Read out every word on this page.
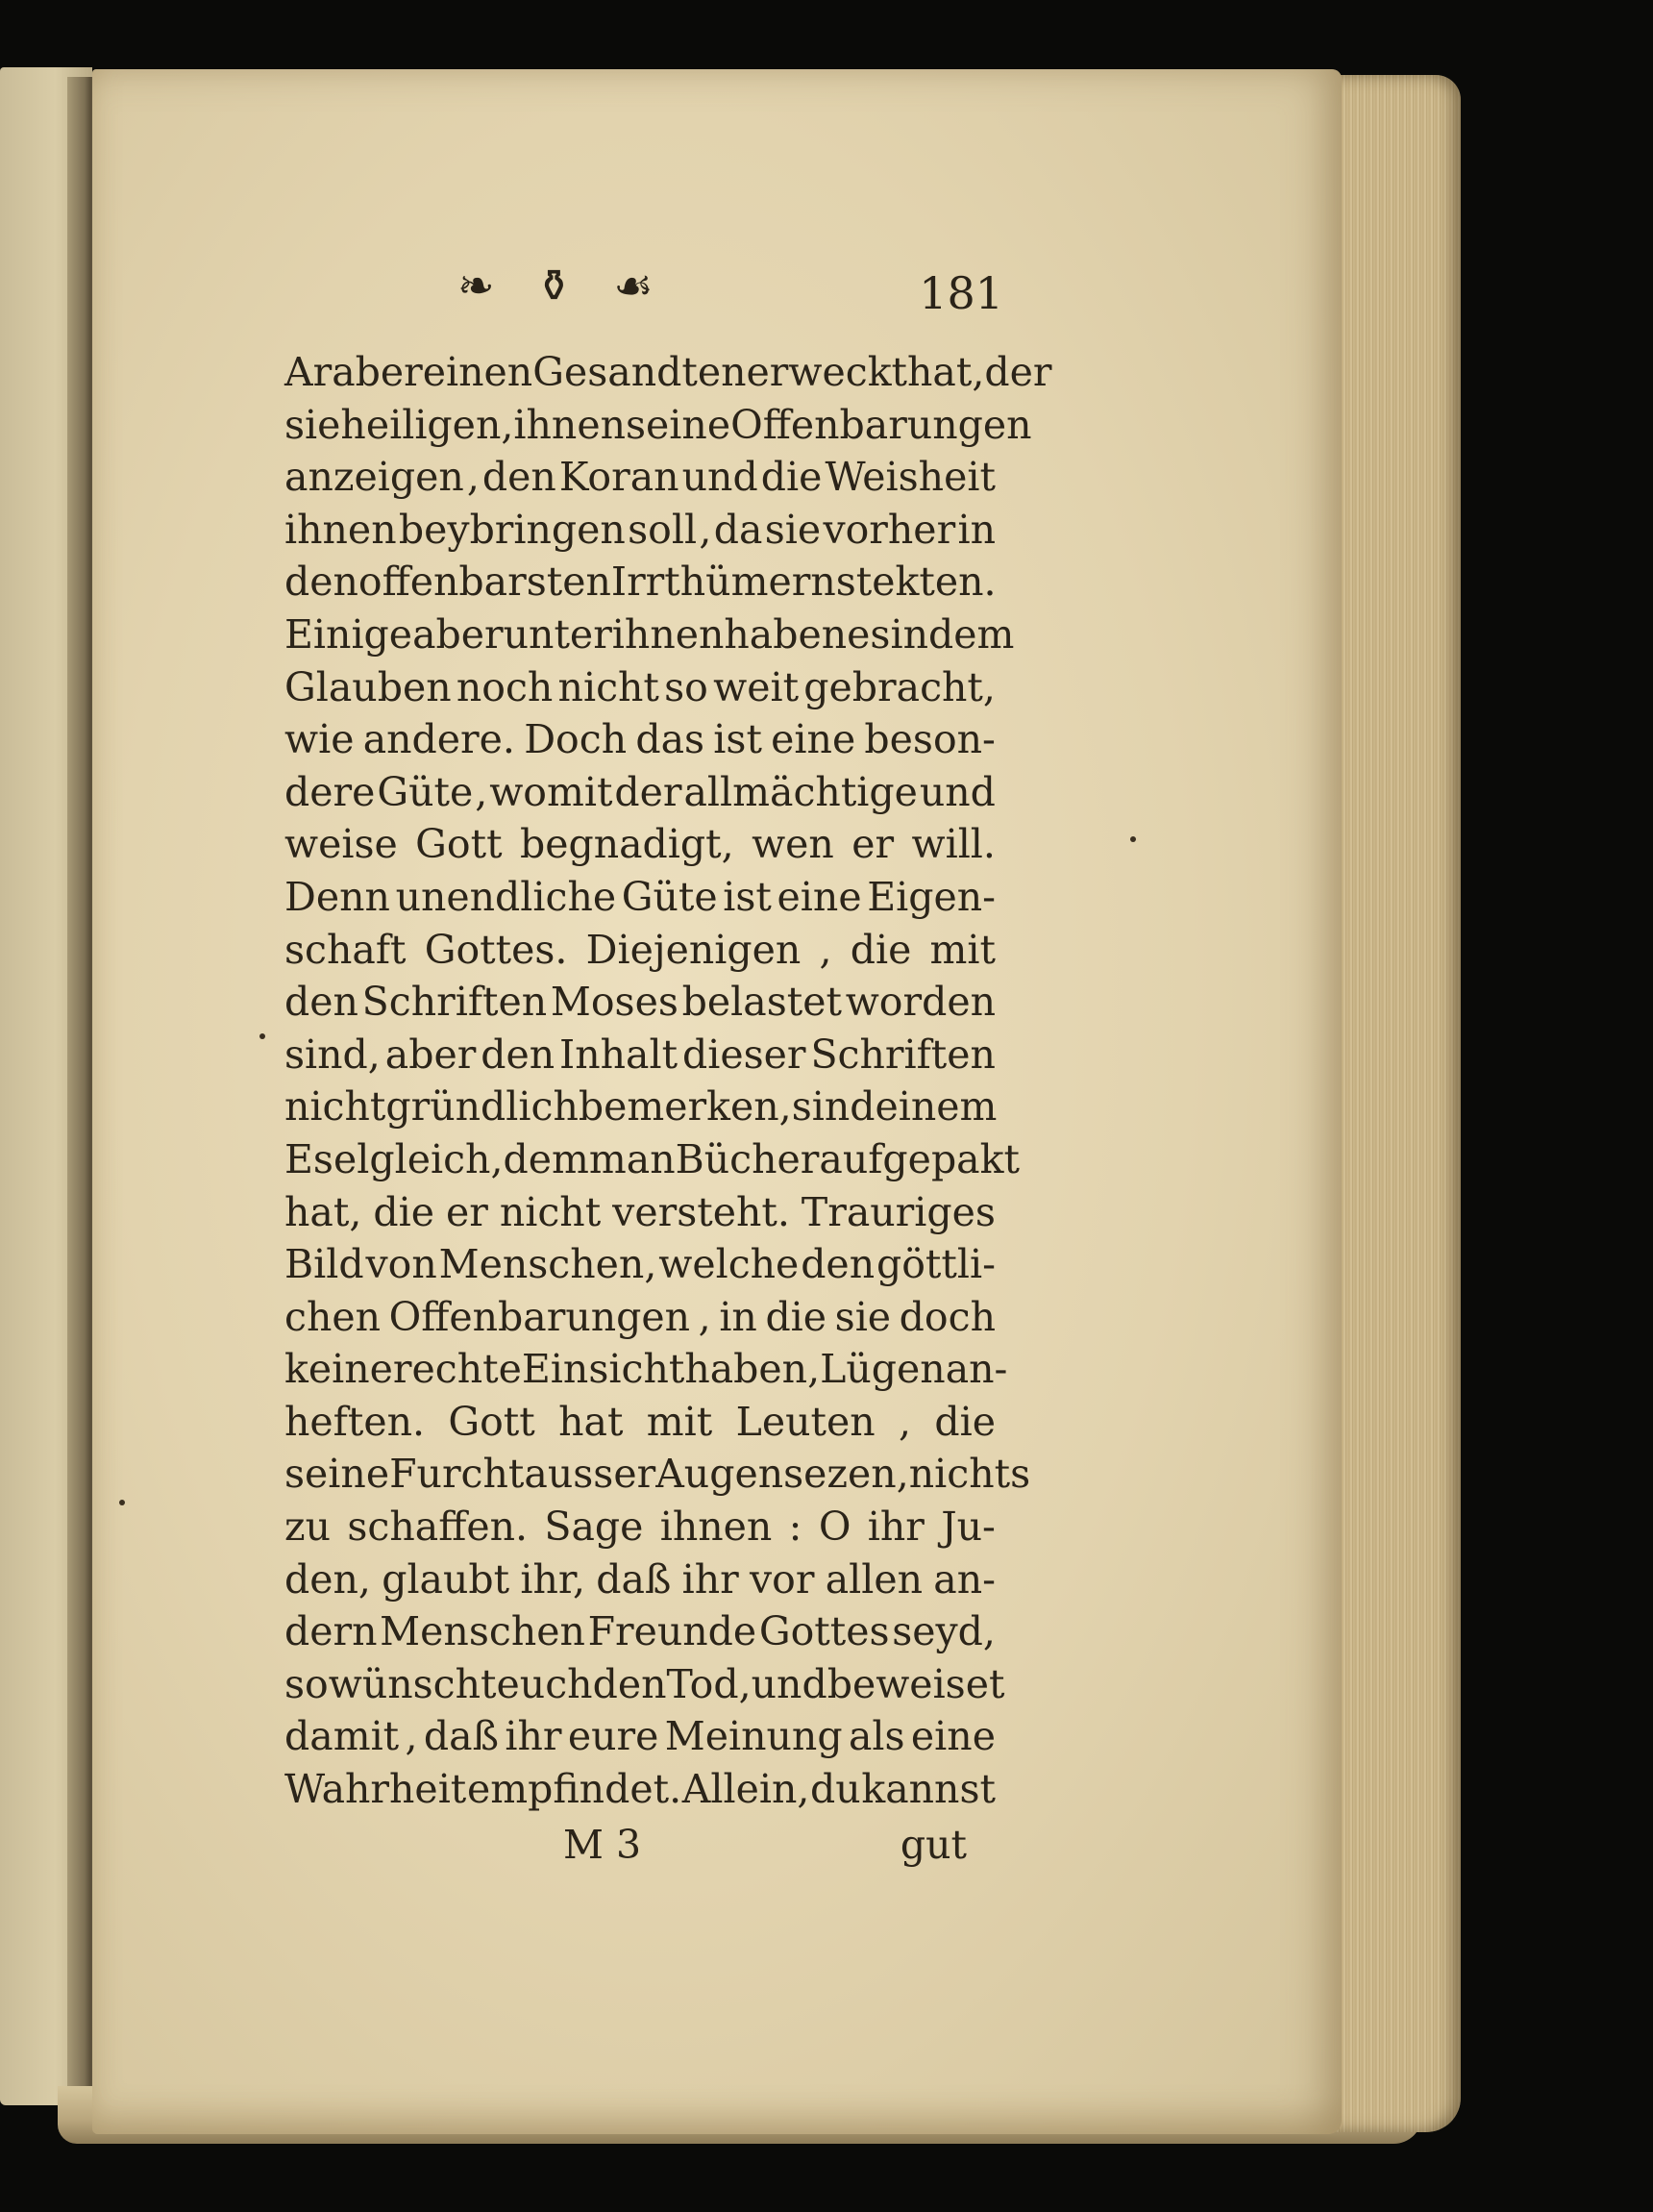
❧ ⚱ ☙	181
Araber einen Gesandten erweckt hat, der
sie heiligen , ihnen seine Offenbarungen
anzeigen , den Koran und die Weisheit
ihnen beybringen soll , da sie vorher in
den offenbarsten Irrthümern stekten.
Einige aber unter ihnen haben es in dem
Glauben noch nicht so weit gebracht,
wie andere. Doch das ist eine beson-
dere Güte , womit der allmächtige und
weise Gott begnadigt, wen er will.
Denn unendliche Güte ist eine Eigen-
schaft Gottes. Diejenigen , die mit
den Schriften Moses belastet worden
sind, aber den Inhalt dieser Schriften
nicht gründlich bemerken , sind einem
Esel gleich, dem man Bücher aufgepakt
hat, die er nicht versteht. Trauriges
Bild von Menschen, welche den göttli-
chen Offenbarungen , in die sie doch
keine rechte Einsicht haben, Lügen an-
heften. Gott hat mit Leuten , die
seine Furcht ausser Augen sezen , nichts
zu schaffen. Sage ihnen : O ihr Ju-
den, glaubt ihr, daß ihr vor allen an-
dern Menschen Freunde Gottes seyd,
so wünscht euch den Tod , und beweiset
damit , daß ihr eure Meinung als eine
Wahrheit empfindet. Allein, du kannst
M 3	gut
